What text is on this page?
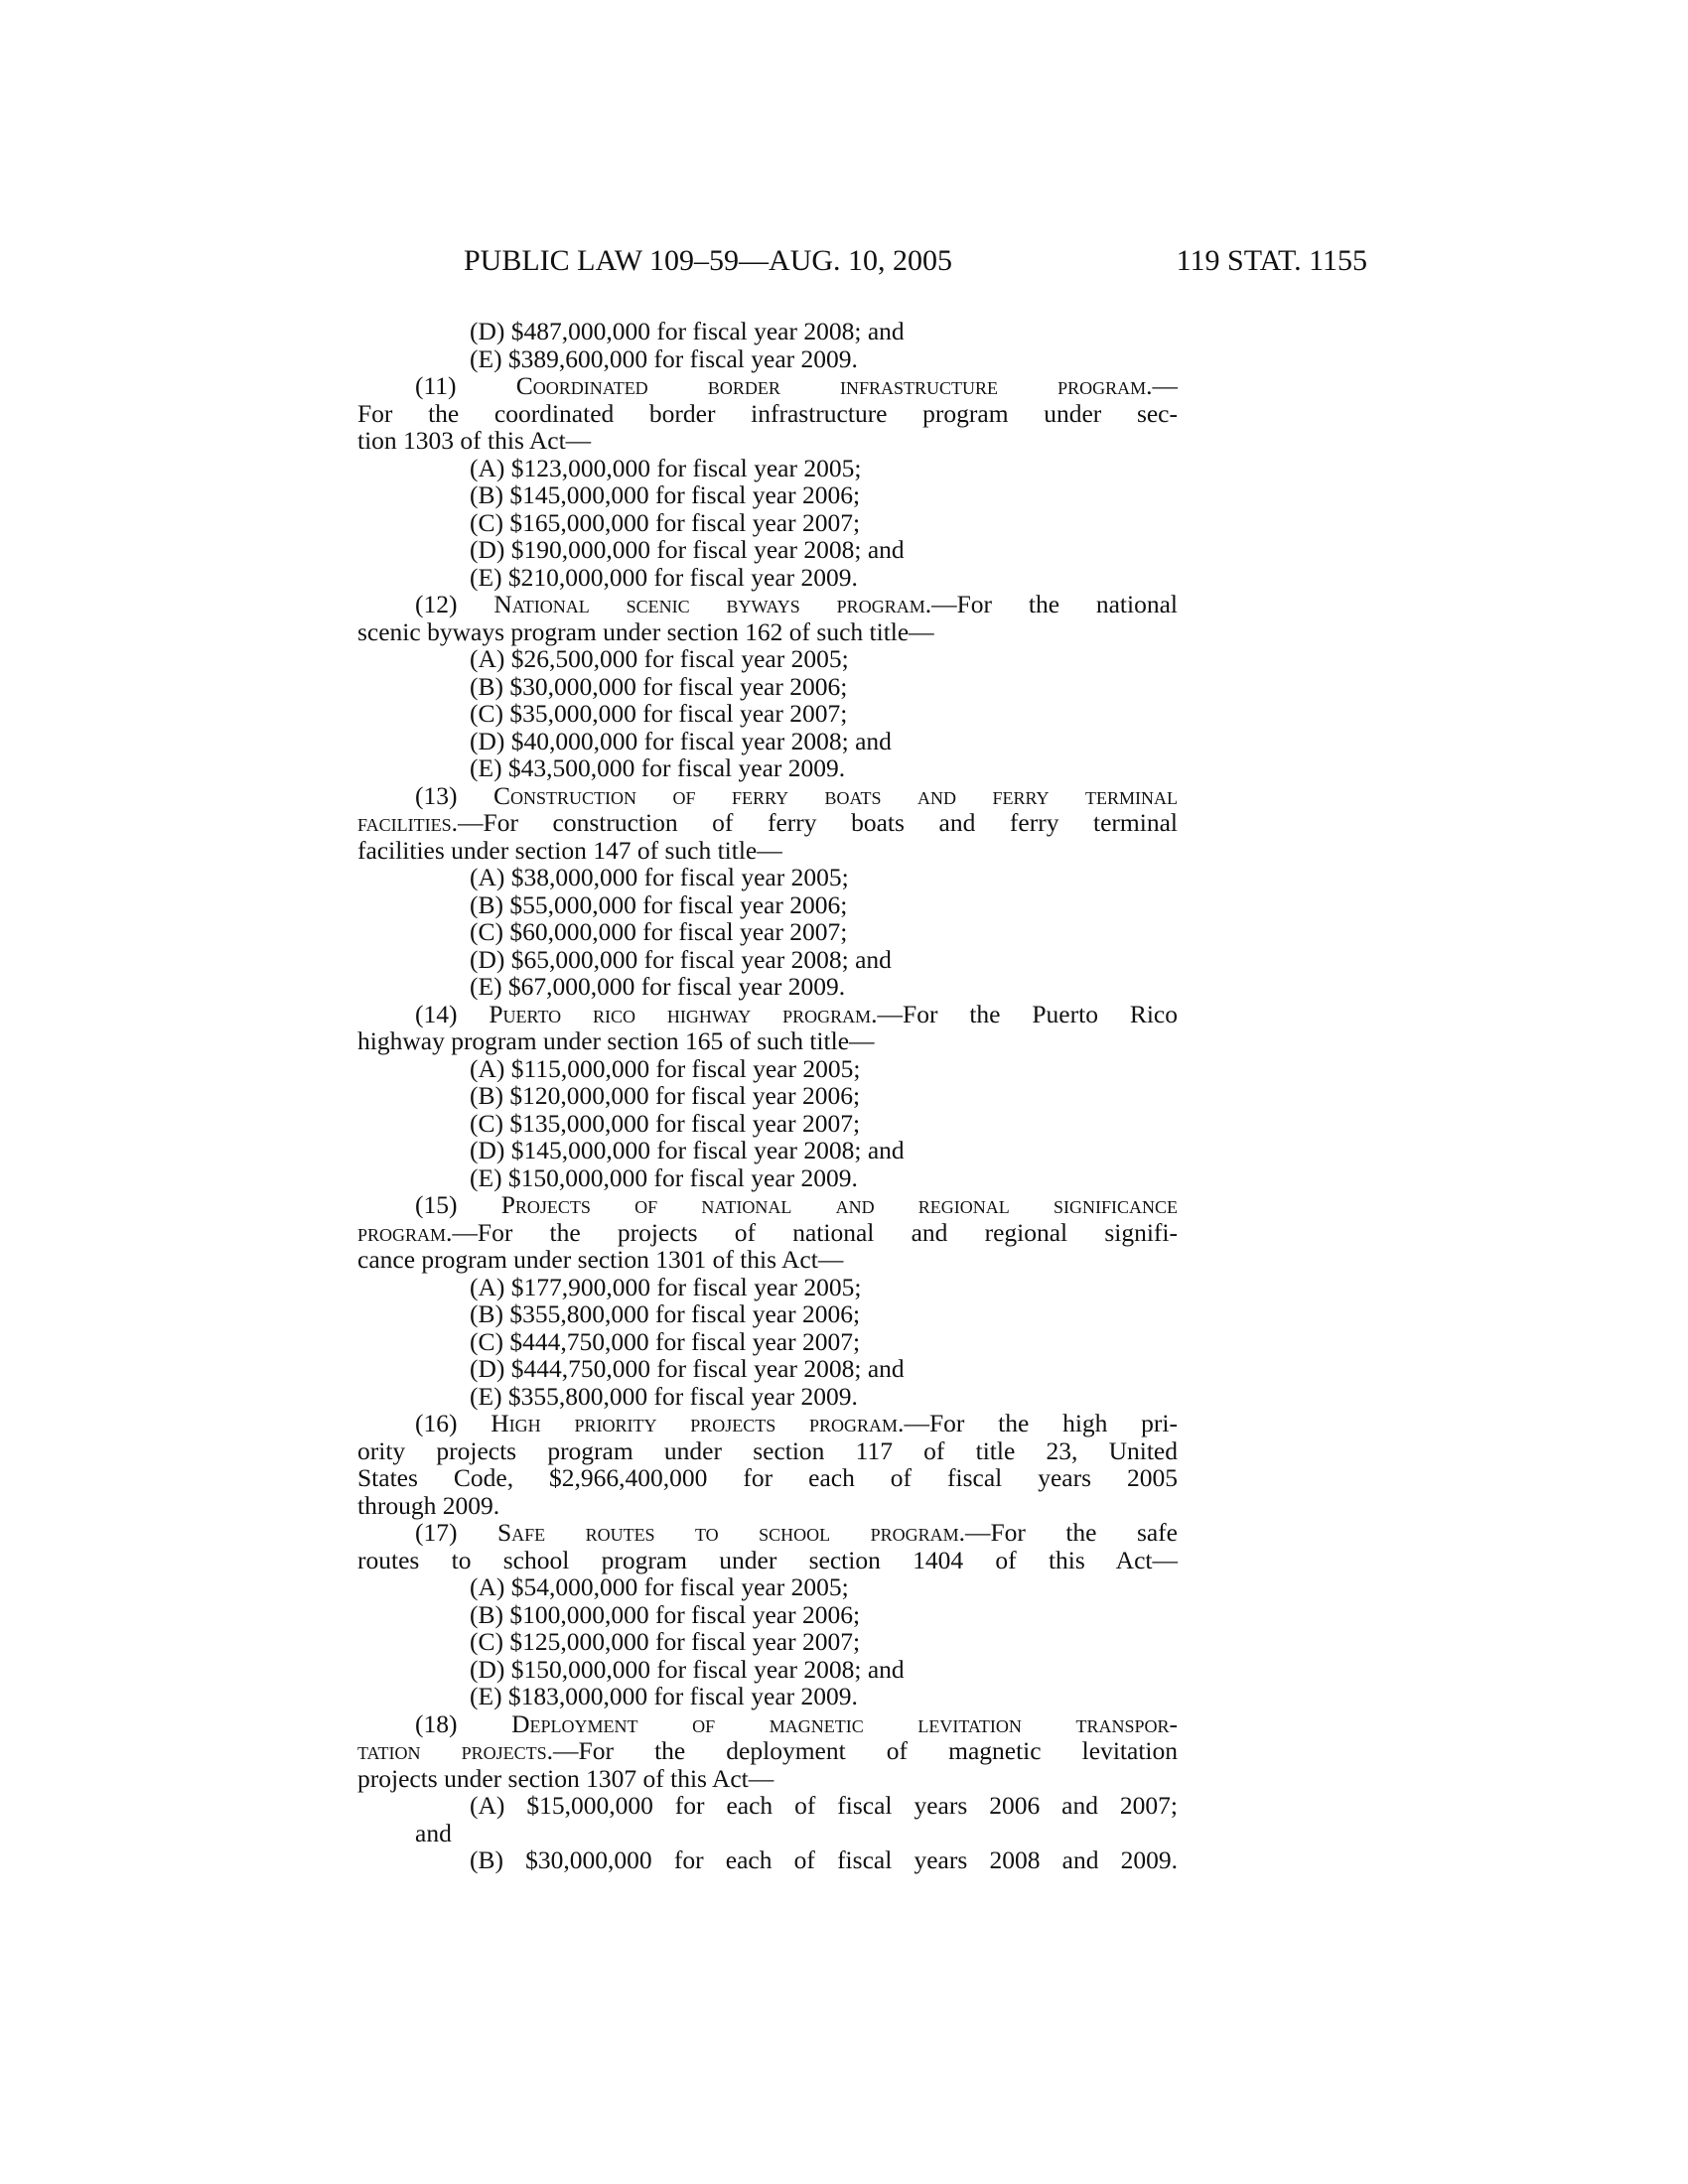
PUBLIC LAW 109–59—AUG. 10, 2005	119 STAT. 1155
(D) $487,000,000 for fiscal year 2008; and
(E) $389,600,000 for fiscal year 2009.
(11) Coordinated border infrastructure program.—
For the coordinated border infrastructure program under sec-
tion 1303 of this Act—
(A) $123,000,000 for fiscal year 2005;
(B) $145,000,000 for fiscal year 2006;
(C) $165,000,000 for fiscal year 2007;
(D) $190,000,000 for fiscal year 2008; and
(E) $210,000,000 for fiscal year 2009.
(12) National scenic byways program.—For the national
scenic byways program under section 162 of such title—
(A) $26,500,000 for fiscal year 2005;
(B) $30,000,000 for fiscal year 2006;
(C) $35,000,000 for fiscal year 2007;
(D) $40,000,000 for fiscal year 2008; and
(E) $43,500,000 for fiscal year 2009.
(13) Construction of ferry boats and ferry terminal
facilities.—For construction of ferry boats and ferry terminal
facilities under section 147 of such title—
(A) $38,000,000 for fiscal year 2005;
(B) $55,000,000 for fiscal year 2006;
(C) $60,000,000 for fiscal year 2007;
(D) $65,000,000 for fiscal year 2008; and
(E) $67,000,000 for fiscal year 2009.
(14) Puerto rico highway program.—For the Puerto Rico
highway program under section 165 of such title—
(A) $115,000,000 for fiscal year 2005;
(B) $120,000,000 for fiscal year 2006;
(C) $135,000,000 for fiscal year 2007;
(D) $145,000,000 for fiscal year 2008; and
(E) $150,000,000 for fiscal year 2009.
(15) Projects of national and regional significance
program.—For the projects of national and regional signifi-
cance program under section 1301 of this Act—
(A) $177,900,000 for fiscal year 2005;
(B) $355,800,000 for fiscal year 2006;
(C) $444,750,000 for fiscal year 2007;
(D) $444,750,000 for fiscal year 2008; and
(E) $355,800,000 for fiscal year 2009.
(16) High priority projects program.—For the high pri-
ority projects program under section 117 of title 23, United
States Code, $2,966,400,000 for each of fiscal years 2005
through 2009.
(17) Safe routes to school program.—For the safe
routes to school program under section 1404 of this Act—
(A) $54,000,000 for fiscal year 2005;
(B) $100,000,000 for fiscal year 2006;
(C) $125,000,000 for fiscal year 2007;
(D) $150,000,000 for fiscal year 2008; and
(E) $183,000,000 for fiscal year 2009.
(18) Deployment of magnetic levitation transpor-
tation projects.—For the deployment of magnetic levitation
projects under section 1307 of this Act—
(A) $15,000,000 for each of fiscal years 2006 and 2007;
and
(B) $30,000,000 for each of fiscal years 2008 and 2009.
